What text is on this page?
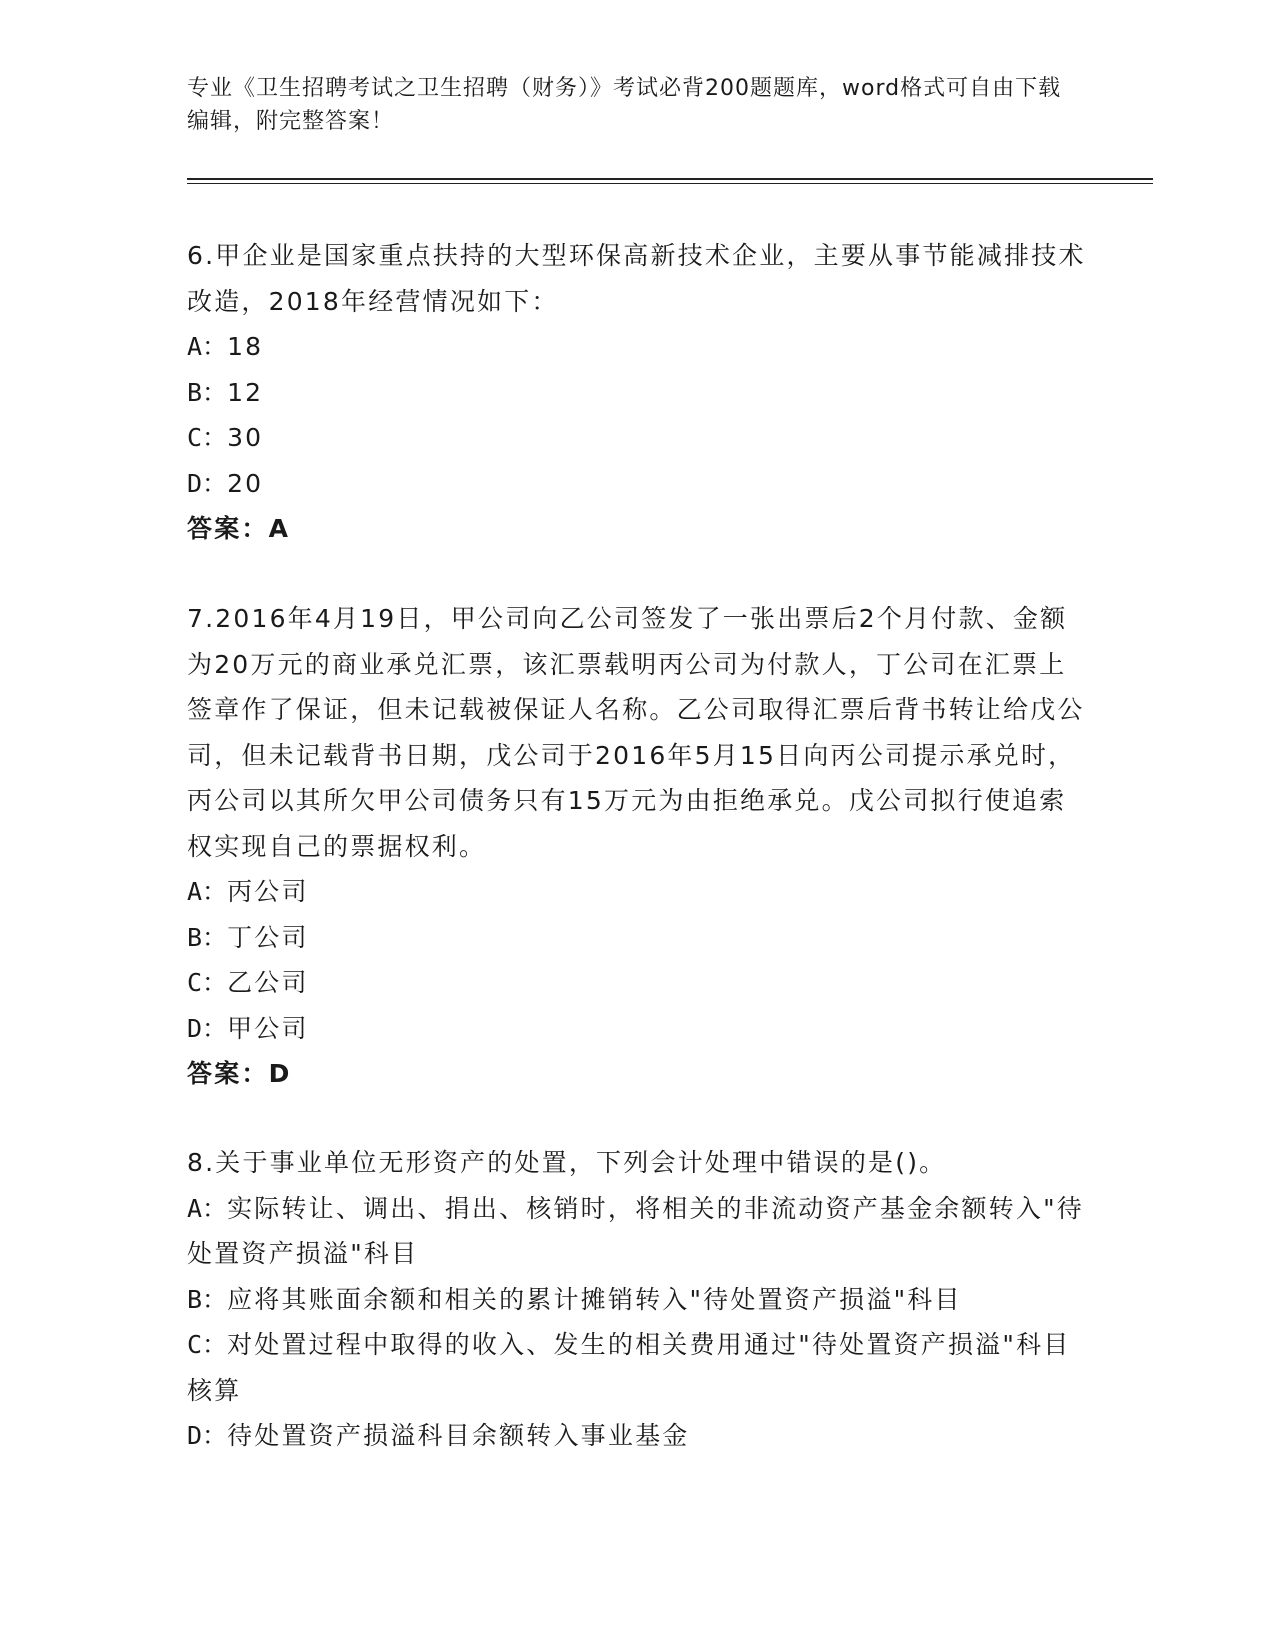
专业《卫生招聘考试之卫生招聘（财务）》考试必背200题题库，word格式可自由下载编辑，附完整答案！
6.甲企业是国家重点扶持的大型环保高新技术企业，主要从事节能减排技术改造，2018年经营情况如下：
A：18
B：12
C：30
D：20
答案：A
7.2016年4月19日，甲公司向乙公司签发了一张出票后2个月付款、金额为20万元的商业承兑汇票，该汇票载明丙公司为付款人，丁公司在汇票上签章作了保证，但未记载被保证人名称。乙公司取得汇票后背书转让给戊公司，但未记载背书日期，戊公司于2016年5月15日向丙公司提示承兑时，丙公司以其所欠甲公司债务只有15万元为由拒绝承兑。戊公司拟行使追索权实现自己的票据权利。
A：丙公司
B：丁公司
C：乙公司
D：甲公司
答案：D
8.关于事业单位无形资产的处置，下列会计处理中错误的是()。
A：实际转让、调出、捐出、核销时，将相关的非流动资产基金余额转入"待处置资产损溢"科目
B：应将其账面余额和相关的累计摊销转入"待处置资产损溢"科目
C：对处置过程中取得的收入、发生的相关费用通过"待处置资产损溢"科目核算
D：待处置资产损溢科目余额转入事业基金
